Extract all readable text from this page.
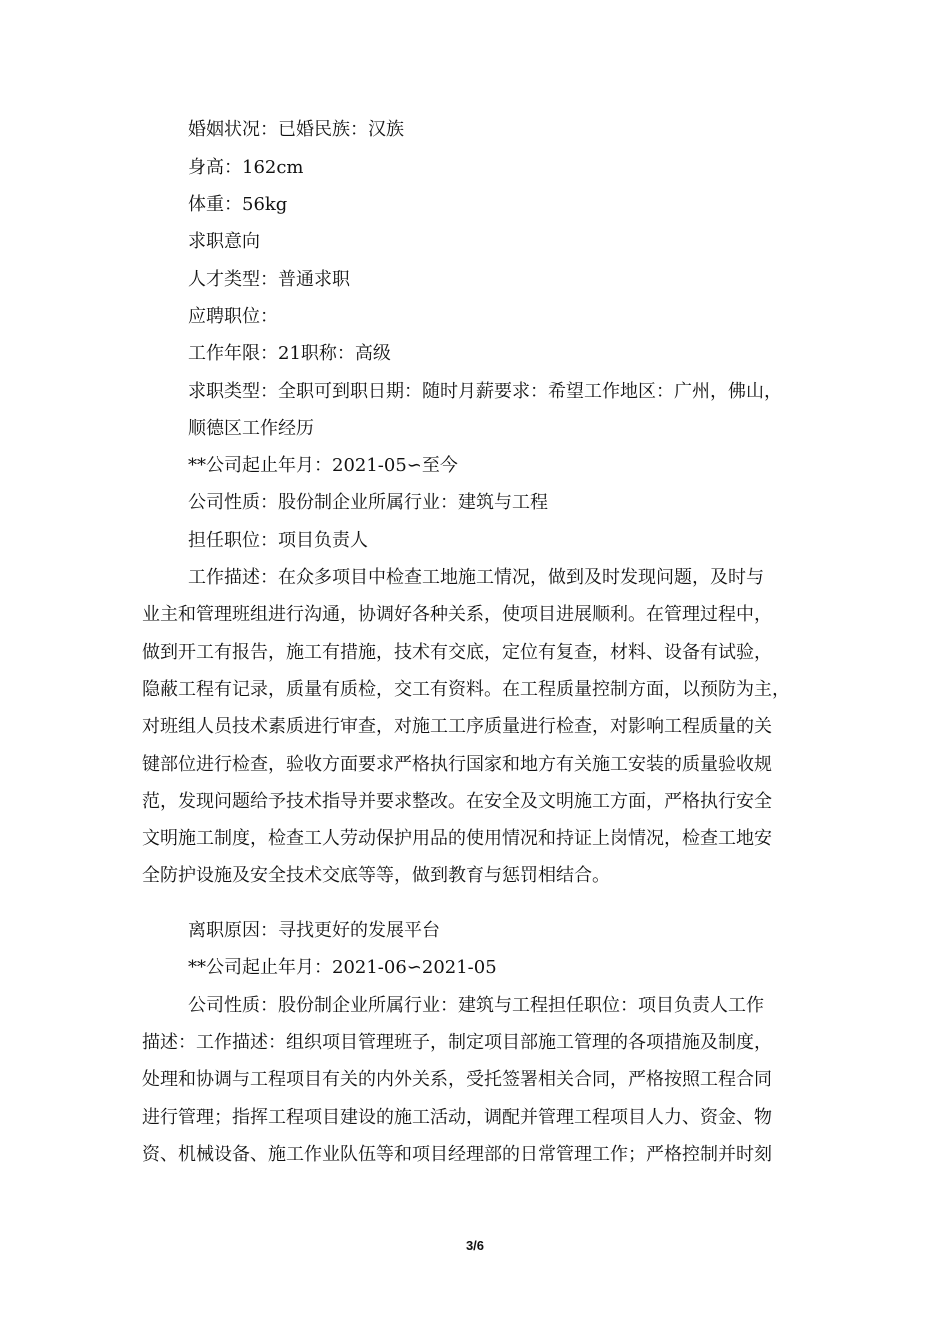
婚姻状况：已婚民族：汉族

身高：162cm

体重：56kg

求职意向

人才类型：普通求职

应聘职位：

工作年限：21职称：高级

求职类型：全职可到职日期：随时月薪要求：希望工作地区：广州，佛山，

顺德区工作经历

**公司起止年月：2021-05∽至今

公司性质：股份制企业所属行业：建筑与工程

担任职位：项目负责人

工作描述：在众多项目中检查工地施工情况，做到及时发现问题，及时与

业主和管理班组进行沟通，协调好各种关系，使项目进展顺利。在管理过程中，

做到开工有报告，施工有措施，技术有交底，定位有复查，材料、设备有试验，

隐蔽工程有记录，质量有质检，交工有资料。在工程质量控制方面，以预防为主，

对班组人员技术素质进行审查，对施工工序质量进行检查，对影响工程质量的关

键部位进行检查，验收方面要求严格执行国家和地方有关施工安装的质量验收规

范，发现问题给予技术指导并要求整改。在安全及文明施工方面，严格执行安全

文明施工制度，检查工人劳动保护用品的使用情况和持证上岗情况，检查工地安

全防护设施及安全技术交底等等，做到教育与惩罚相结合。

离职原因：寻找更好的发展平台

**公司起止年月：2021-06∽2021-05

公司性质：股份制企业所属行业：建筑与工程担任职位：项目负责人工作

描述：工作描述：组织项目管理班子，制定项目部施工管理的各项措施及制度，

处理和协调与工程项目有关的内外关系，受托签署相关合同，严格按照工程合同

进行管理；指挥工程项目建设的施工活动，调配并管理工程项目人力、资金、物

资、机械设备、施工作业队伍等和项目经理部的日常管理工作；严格控制并时刻

3/6
